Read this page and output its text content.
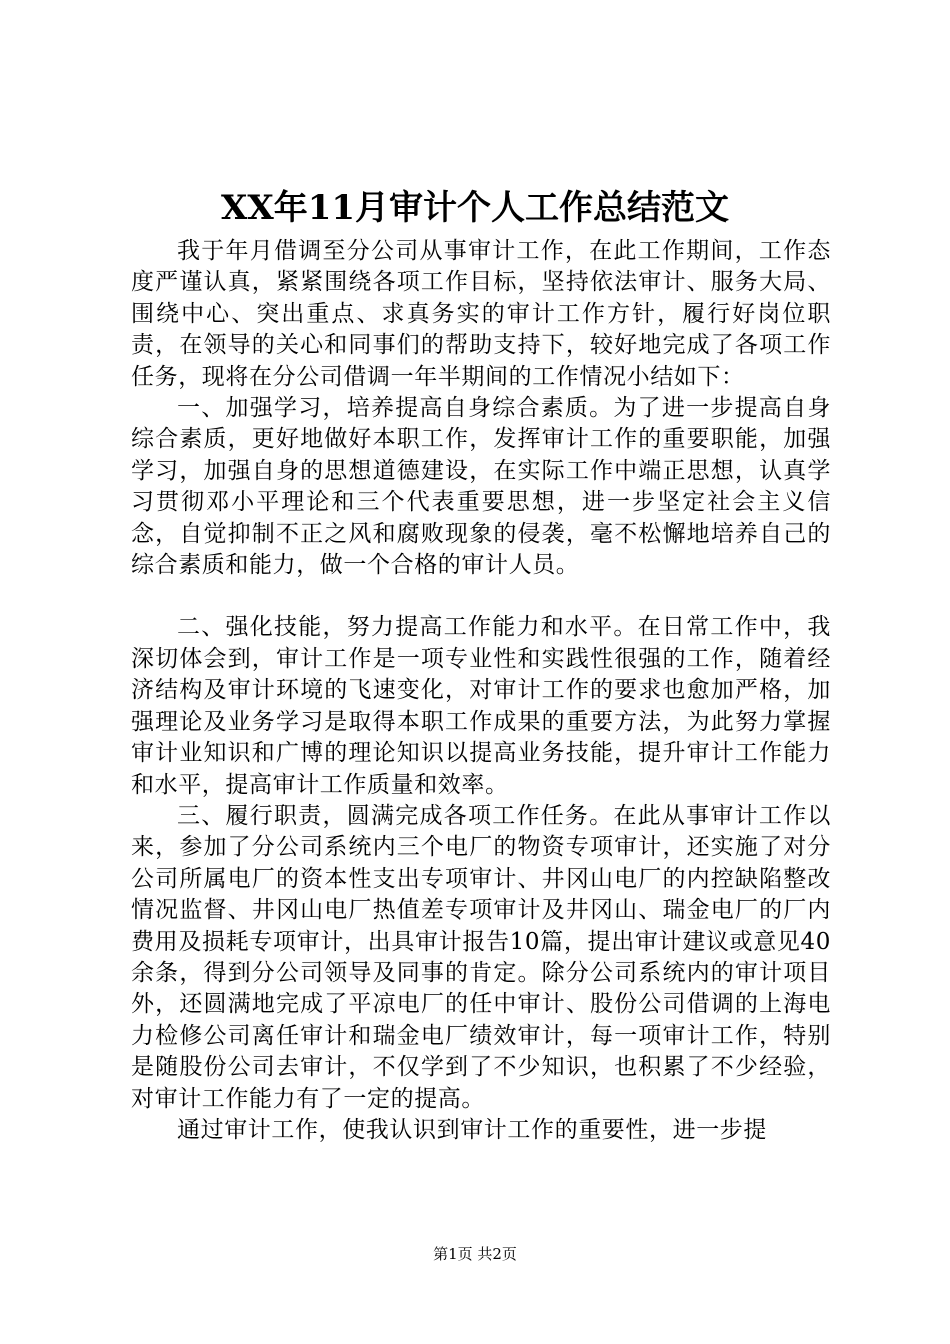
XX年11月审计个人工作总结范文

我于年月借调至分公司从事审计工作，在此工作期间，工作态度严谨认真，紧紧围绕各项工作目标，坚持依法审计、服务大局、围绕中心、突出重点、求真务实的审计工作方针，履行好岗位职责，在领导的关心和同事们的帮助支持下，较好地完成了各项工作任务，现将在分公司借调一年半期间的工作情况小结如下：

一、加强学习，培养提高自身综合素质。为了进一步提高自身综合素质，更好地做好本职工作，发挥审计工作的重要职能，加强学习，加强自身的思想道德建设，在实际工作中端正思想，认真学习贯彻邓小平理论和三个代表重要思想，进一步坚定社会主义信念，自觉抑制不正之风和腐败现象的侵袭，毫不松懈地培养自己的综合素质和能力，做一个合格的审计人员。

二、强化技能，努力提高工作能力和水平。在日常工作中，我深切体会到，审计工作是一项专业性和实践性很强的工作，随着经济结构及审计环境的飞速变化，对审计工作的要求也愈加严格，加强理论及业务学习是取得本职工作成果的重要方法，为此努力掌握审计业知识和广博的理论知识以提高业务技能，提升审计工作能力和水平，提高审计工作质量和效率。

三、履行职责，圆满完成各项工作任务。在此从事审计工作以来，参加了分公司系统内三个电厂的物资专项审计，还实施了对分公司所属电厂的资本性支出专项审计、井冈山电厂的内控缺陷整改情况监督、井冈山电厂热值差专项审计及井冈山、瑞金电厂的厂内费用及损耗专项审计，出具审计报告10篇，提出审计建议或意见40余条，得到分公司领导及同事的肯定。除分公司系统内的审计项目外，还圆满地完成了平凉电厂的任中审计、股份公司借调的上海电力检修公司离任审计和瑞金电厂绩效审计，每一项审计工作，特别是随股份公司去审计，不仅学到了不少知识，也积累了不少经验，对审计工作能力有了一定的提高。

通过审计工作，使我认识到审计工作的重要性，进一步提

第1页 共2页
